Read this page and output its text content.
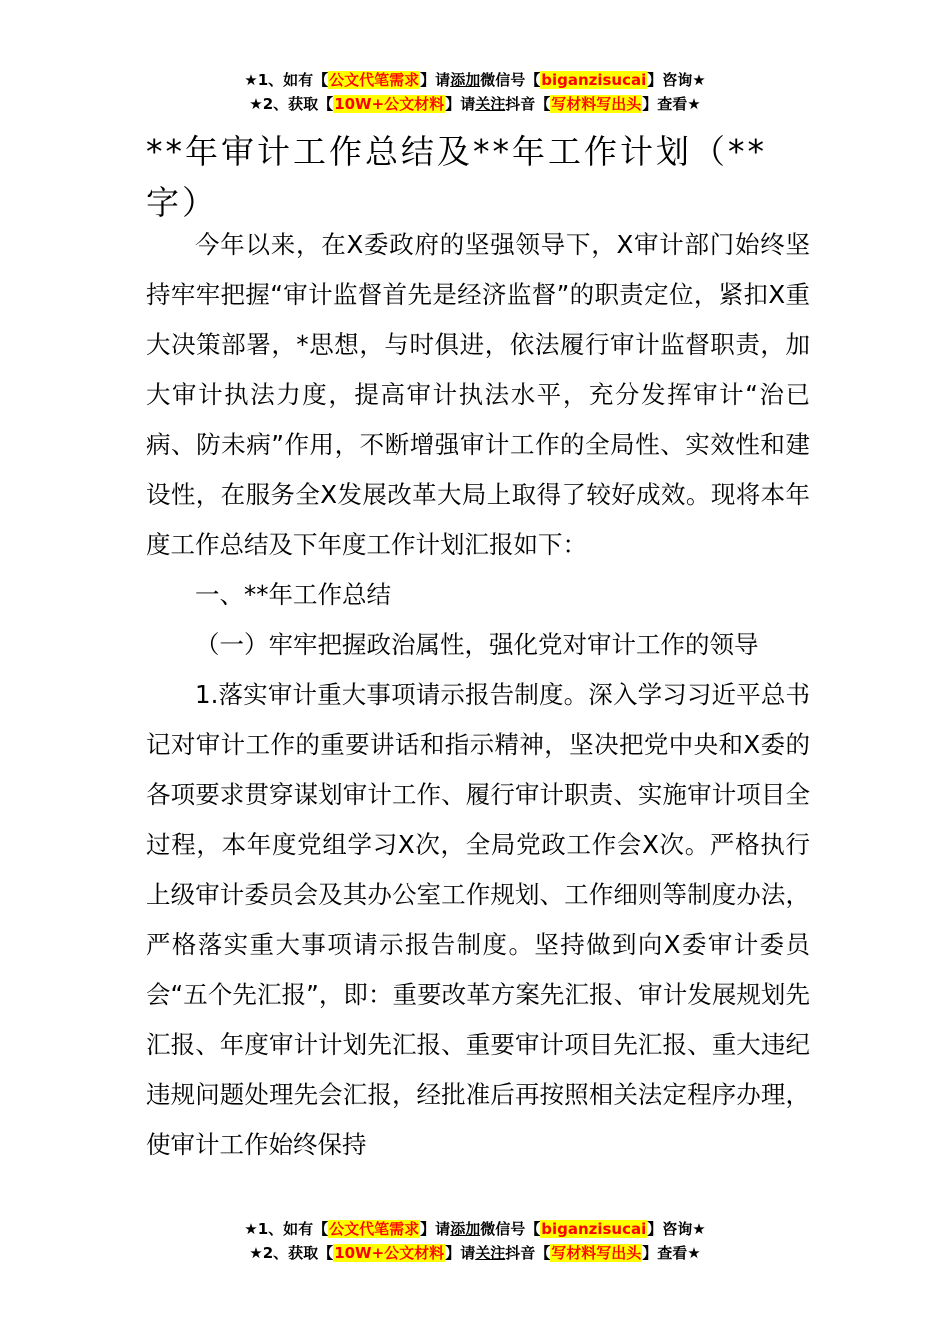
★1、如有【公文代笔需求】请添加微信号【biganzisucai】咨询★
★2、获取【10W+公文材料】请关注抖音【写材料写出头】查看★
**年审计工作总结及**年工作计划（**字）

今年以来，在X委政府的坚强领导下，X审计部门始终坚持牢牢把握“审计监督首先是经济监督”的职责定位，紧扣X重大决策部署，*思想，与时俱进，依法履行审计监督职责，加大审计执法力度，提高审计执法水平，充分发挥审计“治已病、防未病”作用，不断增强审计工作的全局性、实效性和建设性，在服务全X发展改革大局上取得了较好成效。现将本年度工作总结及下年度工作计划汇报如下：

一、**年工作总结

（一）牢牢把握政治属性，强化党对审计工作的领导

1.落实审计重大事项请示报告制度。深入学习习近平总书记对审计工作的重要讲话和指示精神，坚决把党中央和X委的各项要求贯穿谋划审计工作、履行审计职责、实施审计项目全过程，本年度党组学习X次，全局党政工作会X次。严格执行上级审计委员会及其办公室工作规划、工作细则等制度办法，严格落实重大事项请示报告制度。坚持做到向X委审计委员会“五个先汇报”，即：重要改革方案先汇报、审计发展规划先汇报、年度审计计划先汇报、重要审计项目先汇报、重大违纪违规问题处理先会汇报，经批准后再按照相关法定程序办理，使审计工作始终保持

★1、如有【公文代笔需求】请添加微信号【biganzisucai】咨询★
★2、获取【10W+公文材料】请关注抖音【写材料写出头】查看★
